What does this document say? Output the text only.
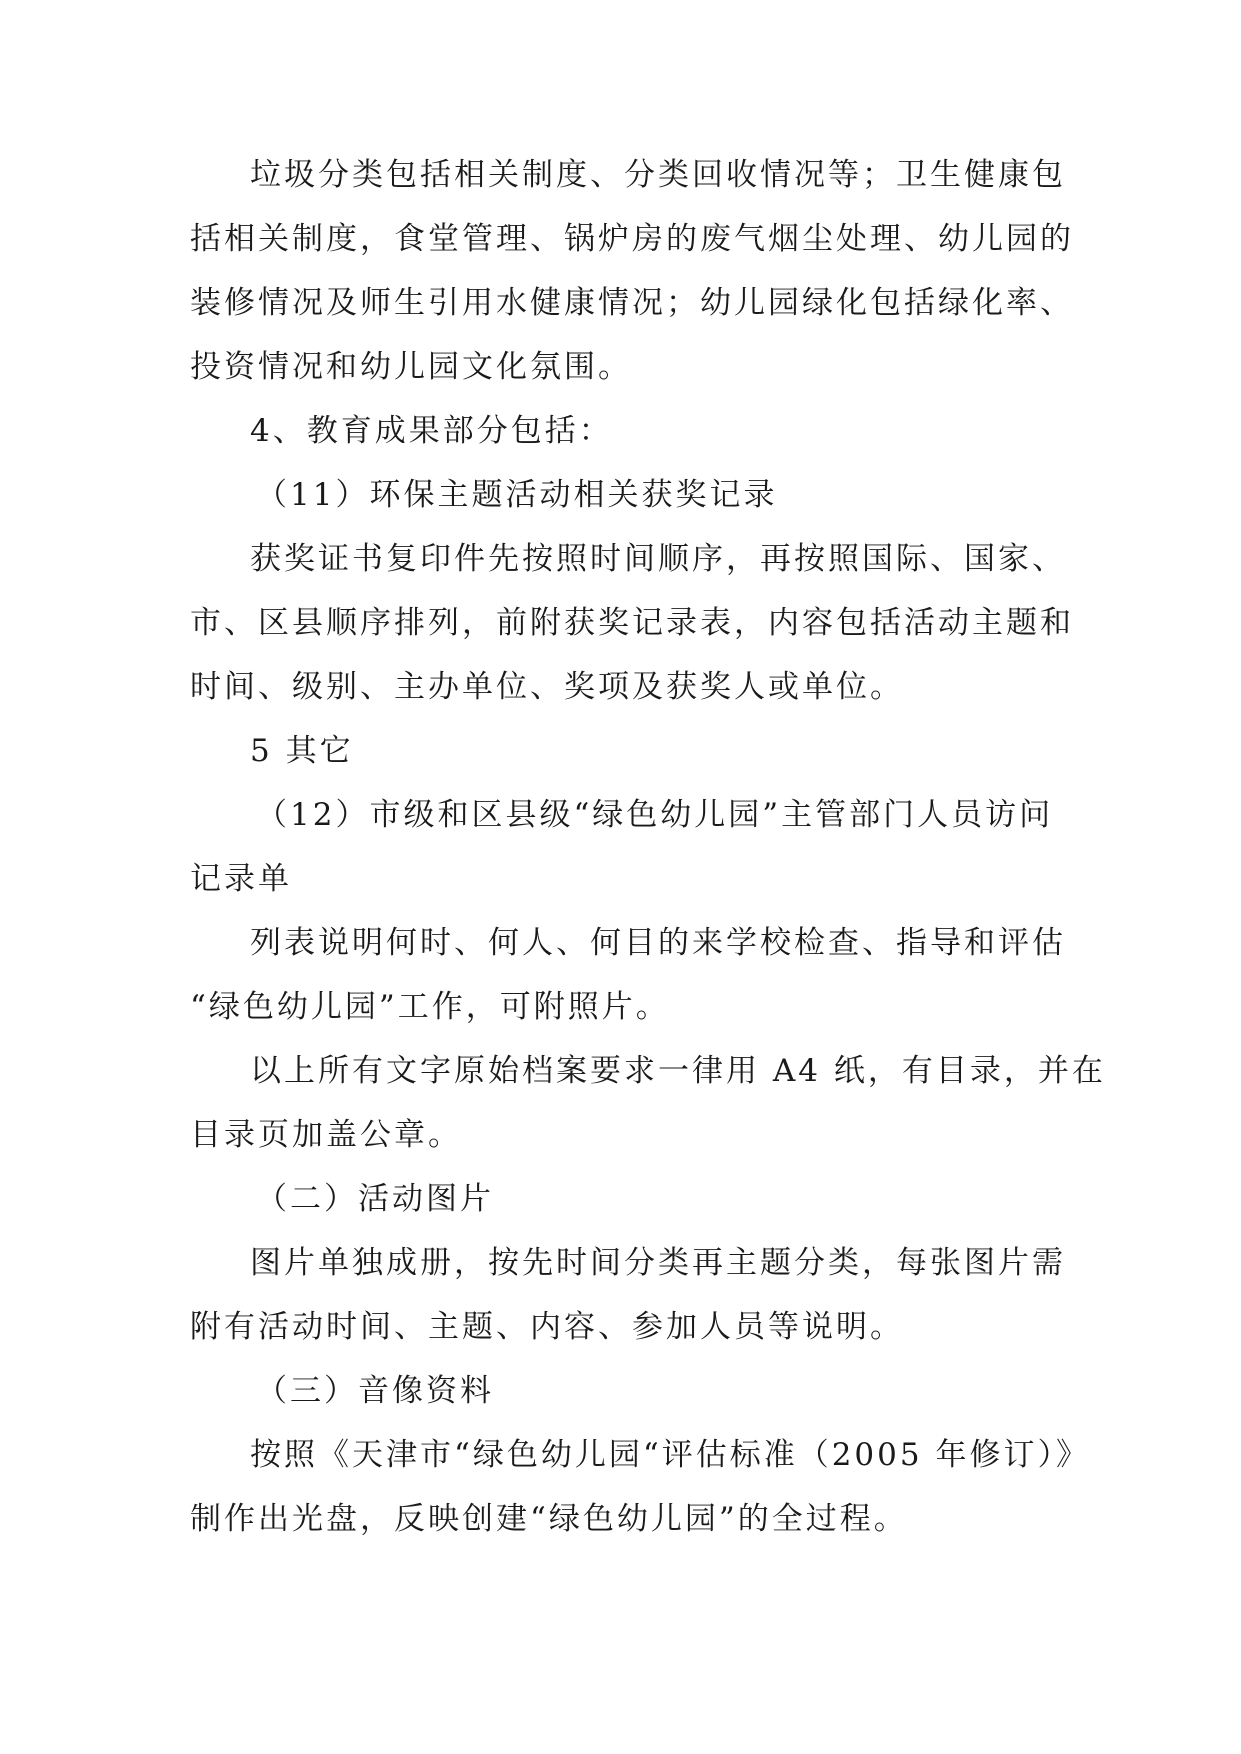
垃圾分类包括相关制度、分类回收情况等；卫生健康包
括相关制度，食堂管理、锅炉房的废气烟尘处理、幼儿园的
装修情况及师生引用水健康情况；幼儿园绿化包括绿化率、
投资情况和幼儿园文化氛围。
4、教育成果部分包括：
（11）环保主题活动相关获奖记录
获奖证书复印件先按照时间顺序，再按照国际、国家、
市、区县顺序排列，前附获奖记录表，内容包括活动主题和
时间、级别、主办单位、奖项及获奖人或单位。
5 其它
（12）市级和区县级“绿色幼儿园”主管部门人员访问
记录单
列表说明何时、何人、何目的来学校检查、指导和评估
“绿色幼儿园”工作，可附照片。
以上所有文字原始档案要求一律用 A4 纸，有目录，并在
目录页加盖公章。
（二）活动图片
图片单独成册，按先时间分类再主题分类，每张图片需
附有活动时间、主题、内容、参加人员等说明。
（三）音像资料
按照《天津市“绿色幼儿园“评估标准（2005 年修订）》
制作出光盘，反映创建“绿色幼儿园”的全过程。
